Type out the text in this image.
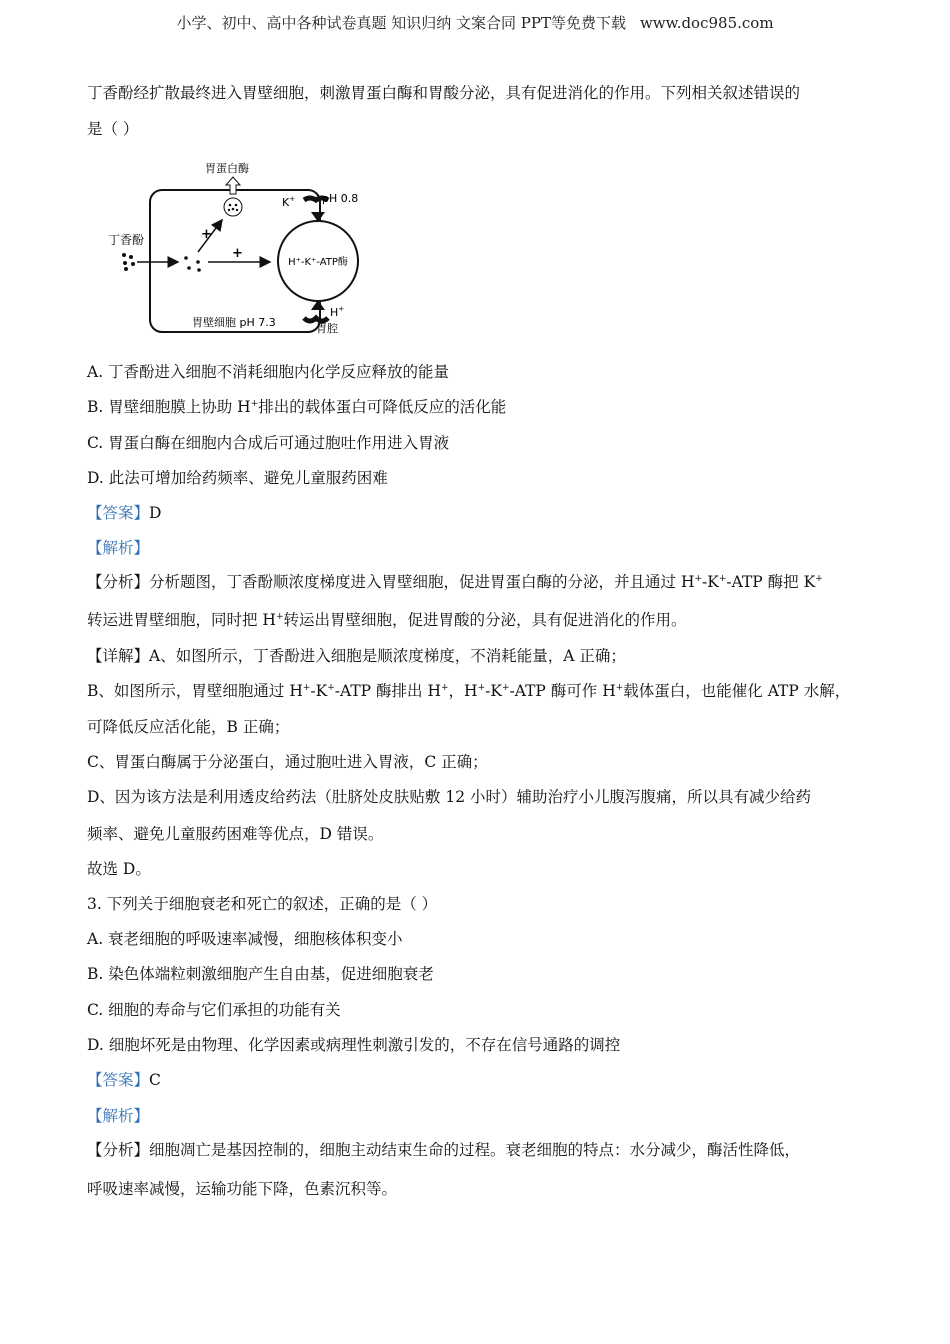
小学、初中、高中各种试卷真题 知识归纳 文案合同 PPT等免费下载 www.doc985.com
丁香酚经扩散最终进入胃壁细胞，刺激胃蛋白酶和胃酸分泌，具有促进消化的作用。下列相关叙述错误的
是（ ）
H⁺-K⁺-ATP酶
胃蛋白酶
丁香酚	+
+
K+ pH 0.8
H+
胃壁细胞 pH 7.3	胃腔
A. 丁香酚进入细胞不消耗细胞内化学反应释放的能量
B. 胃壁细胞膜上协助 H+排出的载体蛋白可降低反应的活化能
C. 胃蛋白酶在细胞内合成后可通过胞吐作用进入胃液
D. 此法可增加给药频率、避免儿童服药困难
【答案】D
【解析】
【分析】分析题图，丁香酚顺浓度梯度进入胃壁细胞，促进胃蛋白酶的分泌，并且通过 H+-K+-ATP 酶把 K+
转运进胃壁细胞，同时把 H+转运出胃壁细胞，促进胃酸的分泌，具有促进消化的作用。
【详解】A、如图所示，丁香酚进入细胞是顺浓度梯度，不消耗能量，A 正确；
B、如图所示，胃壁细胞通过 H+-K+-ATP 酶排出 H+，H+-K+-ATP 酶可作 H+载体蛋白，也能催化 ATP 水解，
可降低反应活化能，B 正确；
C、胃蛋白酶属于分泌蛋白，通过胞吐进入胃液，C 正确；
D、因为该方法是利用透皮给药法（肚脐处皮肤贴敷 12 小时）辅助治疗小儿腹泻腹痛，所以具有减少给药
频率、避免儿童服药困难等优点，D 错误。
故选 D。
3. 下列关于细胞衰老和死亡的叙述，正确的是（ ）
A. 衰老细胞的呼吸速率减慢，细胞核体积变小
B. 染色体端粒刺激细胞产生自由基，促进细胞衰老
C. 细胞的寿命与它们承担的功能有关
D. 细胞坏死是由物理、化学因素或病理性刺激引发的，不存在信号通路的调控
【答案】C
【解析】
【分析】细胞凋亡是基因控制的，细胞主动结束生命的过程。衰老细胞的特点：水分减少，酶活性降低，
呼吸速率减慢，运输功能下降，色素沉积等。
